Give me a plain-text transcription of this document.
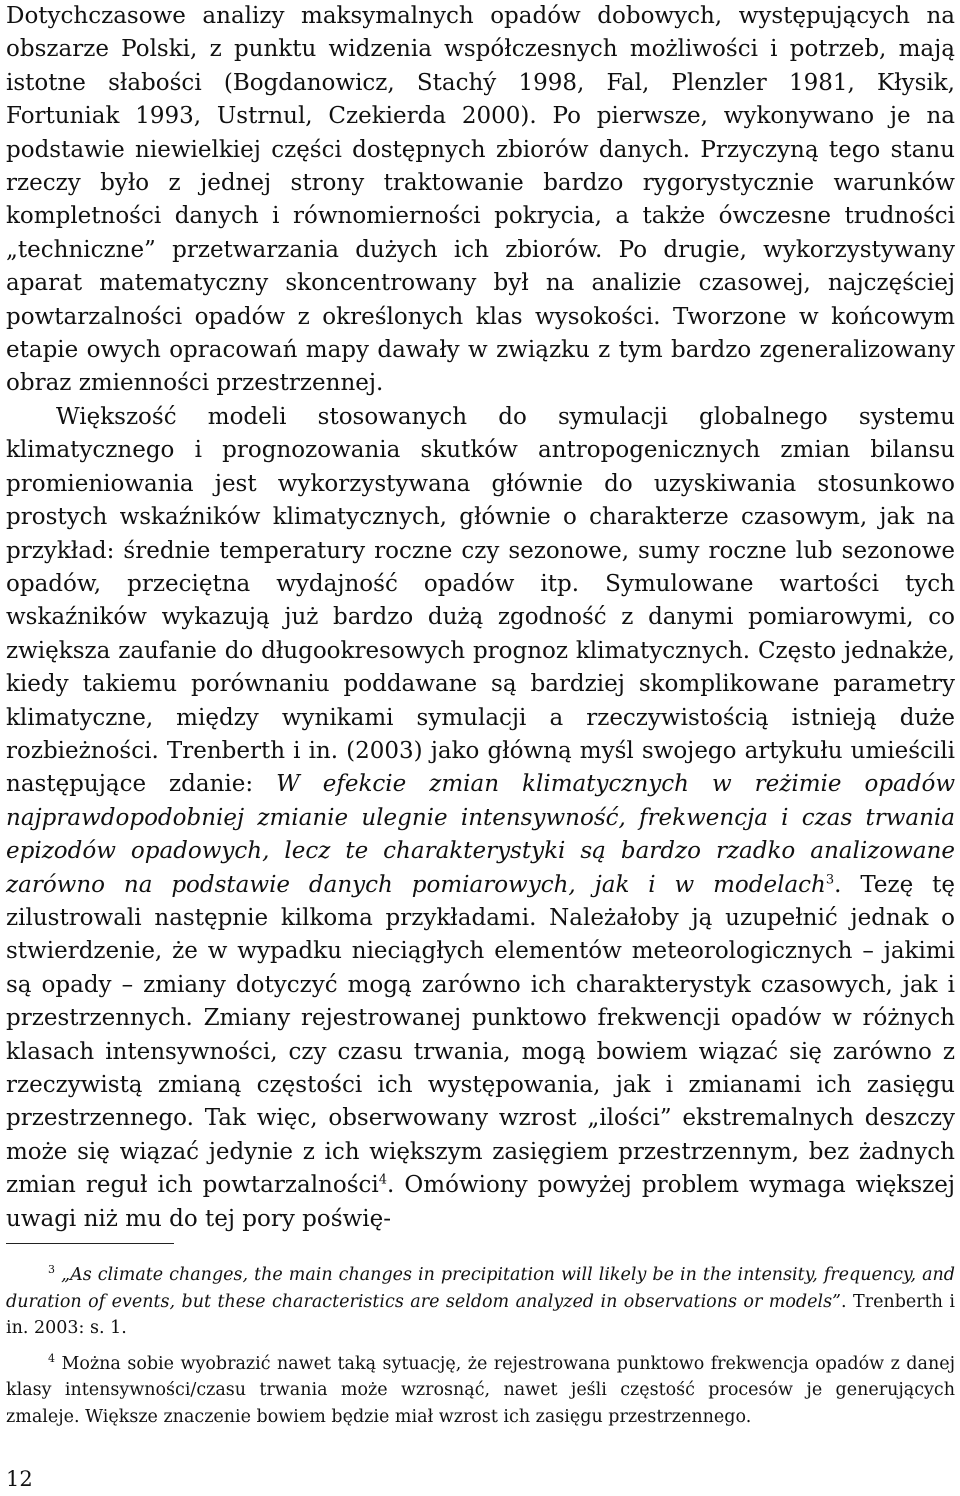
Dotychczasowe analizy maksymalnych opadów dobowych, występujących na obszarze Polski, z punktu widzenia współczesnych możliwości i potrzeb, mają istotne słabości (Bogdanowicz, Stachý 1998, Fal, Plenzler 1981, Kłysik, Fortuniak 1993, Ustrnul, Czekierda 2000). Po pierwsze, wykonywano je na podstawie niewielkiej części dostępnych zbiorów danych. Przyczyną tego stanu rzeczy było z jednej strony traktowanie bardzo rygorystycznie warunków kompletności danych i równomierności pokrycia, a także ówczesne trudności „techniczne” przetwarzania dużych ich zbiorów. Po drugie, wykorzystywany aparat matematyczny skoncentrowany był na analizie czasowej, najczęściej powtarzalności opadów z określonych klas wysokości. Tworzone w końcowym etapie owych opracowań mapy dawały w związku z tym bardzo zgeneralizowany obraz zmienności przestrzennej.

Większość modeli stosowanych do symulacji globalnego systemu klimatycznego i prognozowania skutków antropogenicznych zmian bilansu promieniowania jest wykorzystywana głównie do uzyskiwania stosunkowo prostych wskaźników klimatycznych, głównie o charakterze czasowym, jak na przykład: średnie temperatury roczne czy sezonowe, sumy roczne lub sezonowe opadów, przeciętna wydajność opadów itp. Symulowane wartości tych wskaźników wykazują już bardzo dużą zgodność z danymi pomiarowymi, co zwiększa zaufanie do długookresowych prognoz klimatycznych. Często jednakże, kiedy takiemu porównaniu poddawane są bardziej skomplikowane parametry klimatyczne, między wynikami symulacji a rzeczywistością istnieją duże rozbieżności. Trenberth i in. (2003) jako główną myśl swojego artykułu umieścili następujące zdanie: W efekcie zmian klimatycznych w reżimie opadów najprawdopodobniej zmianie ulegnie intensywność, frekwencja i czas trwania epizodów opadowych, lecz te charakterystyki są bardzo rzadko analizowane zarówno na podstawie danych pomiarowych, jak i w modelach$^3$. Tezę tę zilustrowali następnie kilkoma przykładami. Należałoby ją uzupełnić jednak o stwierdzenie, że w wypadku nieciągłych elementów meteorologicznych – jakimi są opady – zmiany dotyczyć mogą zarówno ich charakterystyk czasowych, jak i przestrzennych. Zmiany rejestrowanej punktowo frekwencji opadów w różnych klasach intensywności, czy czasu trwania, mogą bowiem wiązać się zarówno z rzeczywistą zmianą częstości ich występowania, jak i zmianami ich zasięgu przestrzennego. Tak więc, obserwowany wzrost „ilości” ekstremalnych deszczy może się wiązać jedynie z ich większym zasięgiem przestrzennym, bez żadnych zmian reguł ich powtarzalności$^4$. Omówiony powyżej problem wymaga większej uwagi niż mu do tej pory poświę-

$^3$ „As climate changes, the main changes in precipitation will likely be in the intensity, frequency, and duration of events, but these characteristics are seldom analyzed in observations or models”. Trenberth i in. 2003: s. 1.

$^4$ Można sobie wyobrazić nawet taką sytuację, że rejestrowana punktowo frekwencja opadów z danej klasy intensywności/czasu trwania może wzrosnąć, nawet jeśli częstość procesów je generujących zmaleje. Większe znaczenie bowiem będzie miał wzrost ich zasięgu przestrzennego.

12
